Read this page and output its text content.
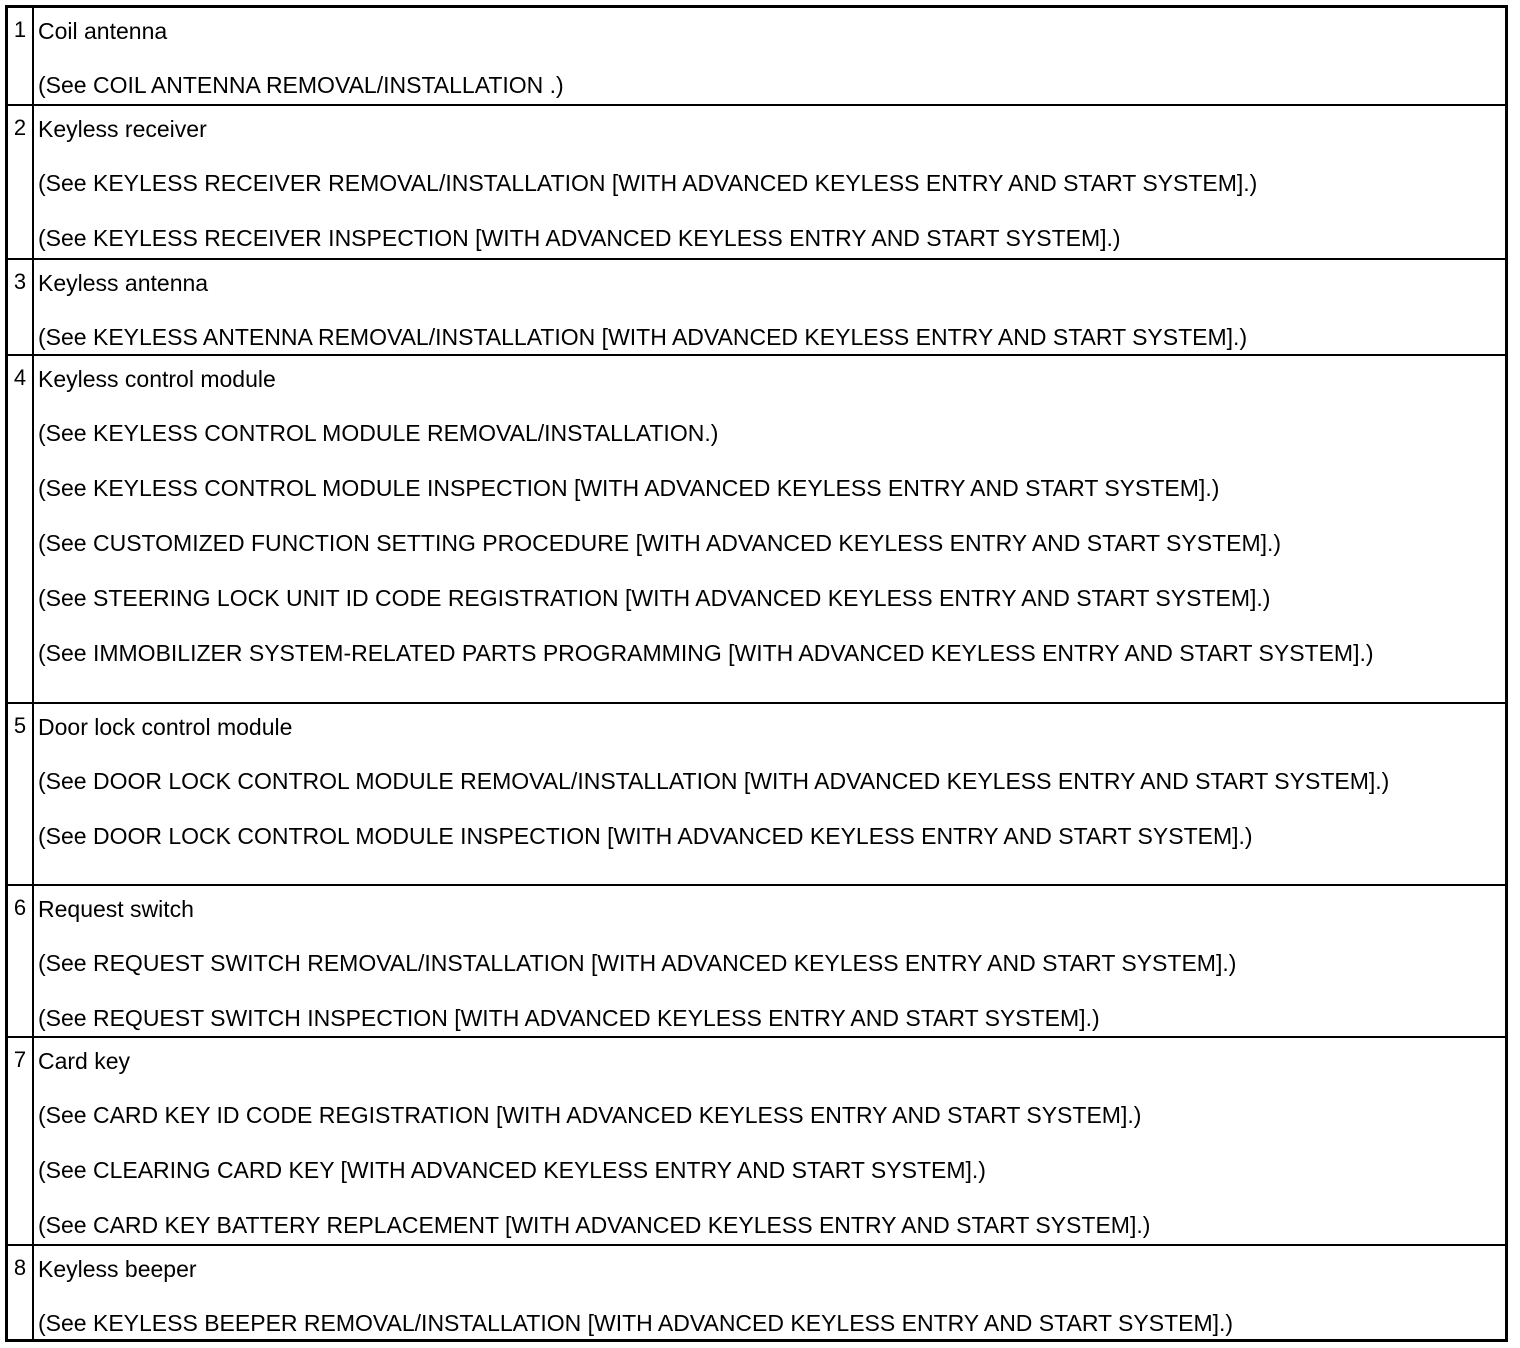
1 Coil antenna

(See COIL ANTENNA REMOVAL/INSTALLATION .)

2 Keyless receiver

(See KEYLESS RECEIVER REMOVAL/INSTALLATION [WITH ADVANCED KEYLESS ENTRY AND START SYSTEM].)

(See KEYLESS RECEIVER INSPECTION [WITH ADVANCED KEYLESS ENTRY AND START SYSTEM].)

3 Keyless antenna

(See KEYLESS ANTENNA REMOVAL/INSTALLATION [WITH ADVANCED KEYLESS ENTRY AND START SYSTEM].)

4 Keyless control module

(See KEYLESS CONTROL MODULE REMOVAL/INSTALLATION.)

(See KEYLESS CONTROL MODULE INSPECTION [WITH ADVANCED KEYLESS ENTRY AND START SYSTEM].)

(See CUSTOMIZED FUNCTION SETTING PROCEDURE [WITH ADVANCED KEYLESS ENTRY AND START SYSTEM].)

(See STEERING LOCK UNIT ID CODE REGISTRATION [WITH ADVANCED KEYLESS ENTRY AND START SYSTEM].)

(See IMMOBILIZER SYSTEM-RELATED PARTS PROGRAMMING [WITH ADVANCED KEYLESS ENTRY AND START SYSTEM].)

5 Door lock control module

(See DOOR LOCK CONTROL MODULE REMOVAL/INSTALLATION [WITH ADVANCED KEYLESS ENTRY AND START SYSTEM].)

(See DOOR LOCK CONTROL MODULE INSPECTION [WITH ADVANCED KEYLESS ENTRY AND START SYSTEM].)

6 Request switch

(See REQUEST SWITCH REMOVAL/INSTALLATION [WITH ADVANCED KEYLESS ENTRY AND START SYSTEM].)

(See REQUEST SWITCH INSPECTION [WITH ADVANCED KEYLESS ENTRY AND START SYSTEM].)

7 Card key

(See CARD KEY ID CODE REGISTRATION [WITH ADVANCED KEYLESS ENTRY AND START SYSTEM].)

(See CLEARING CARD KEY [WITH ADVANCED KEYLESS ENTRY AND START SYSTEM].)

(See CARD KEY BATTERY REPLACEMENT [WITH ADVANCED KEYLESS ENTRY AND START SYSTEM].)

8 Keyless beeper

(See KEYLESS BEEPER REMOVAL/INSTALLATION [WITH ADVANCED KEYLESS ENTRY AND START SYSTEM].)
